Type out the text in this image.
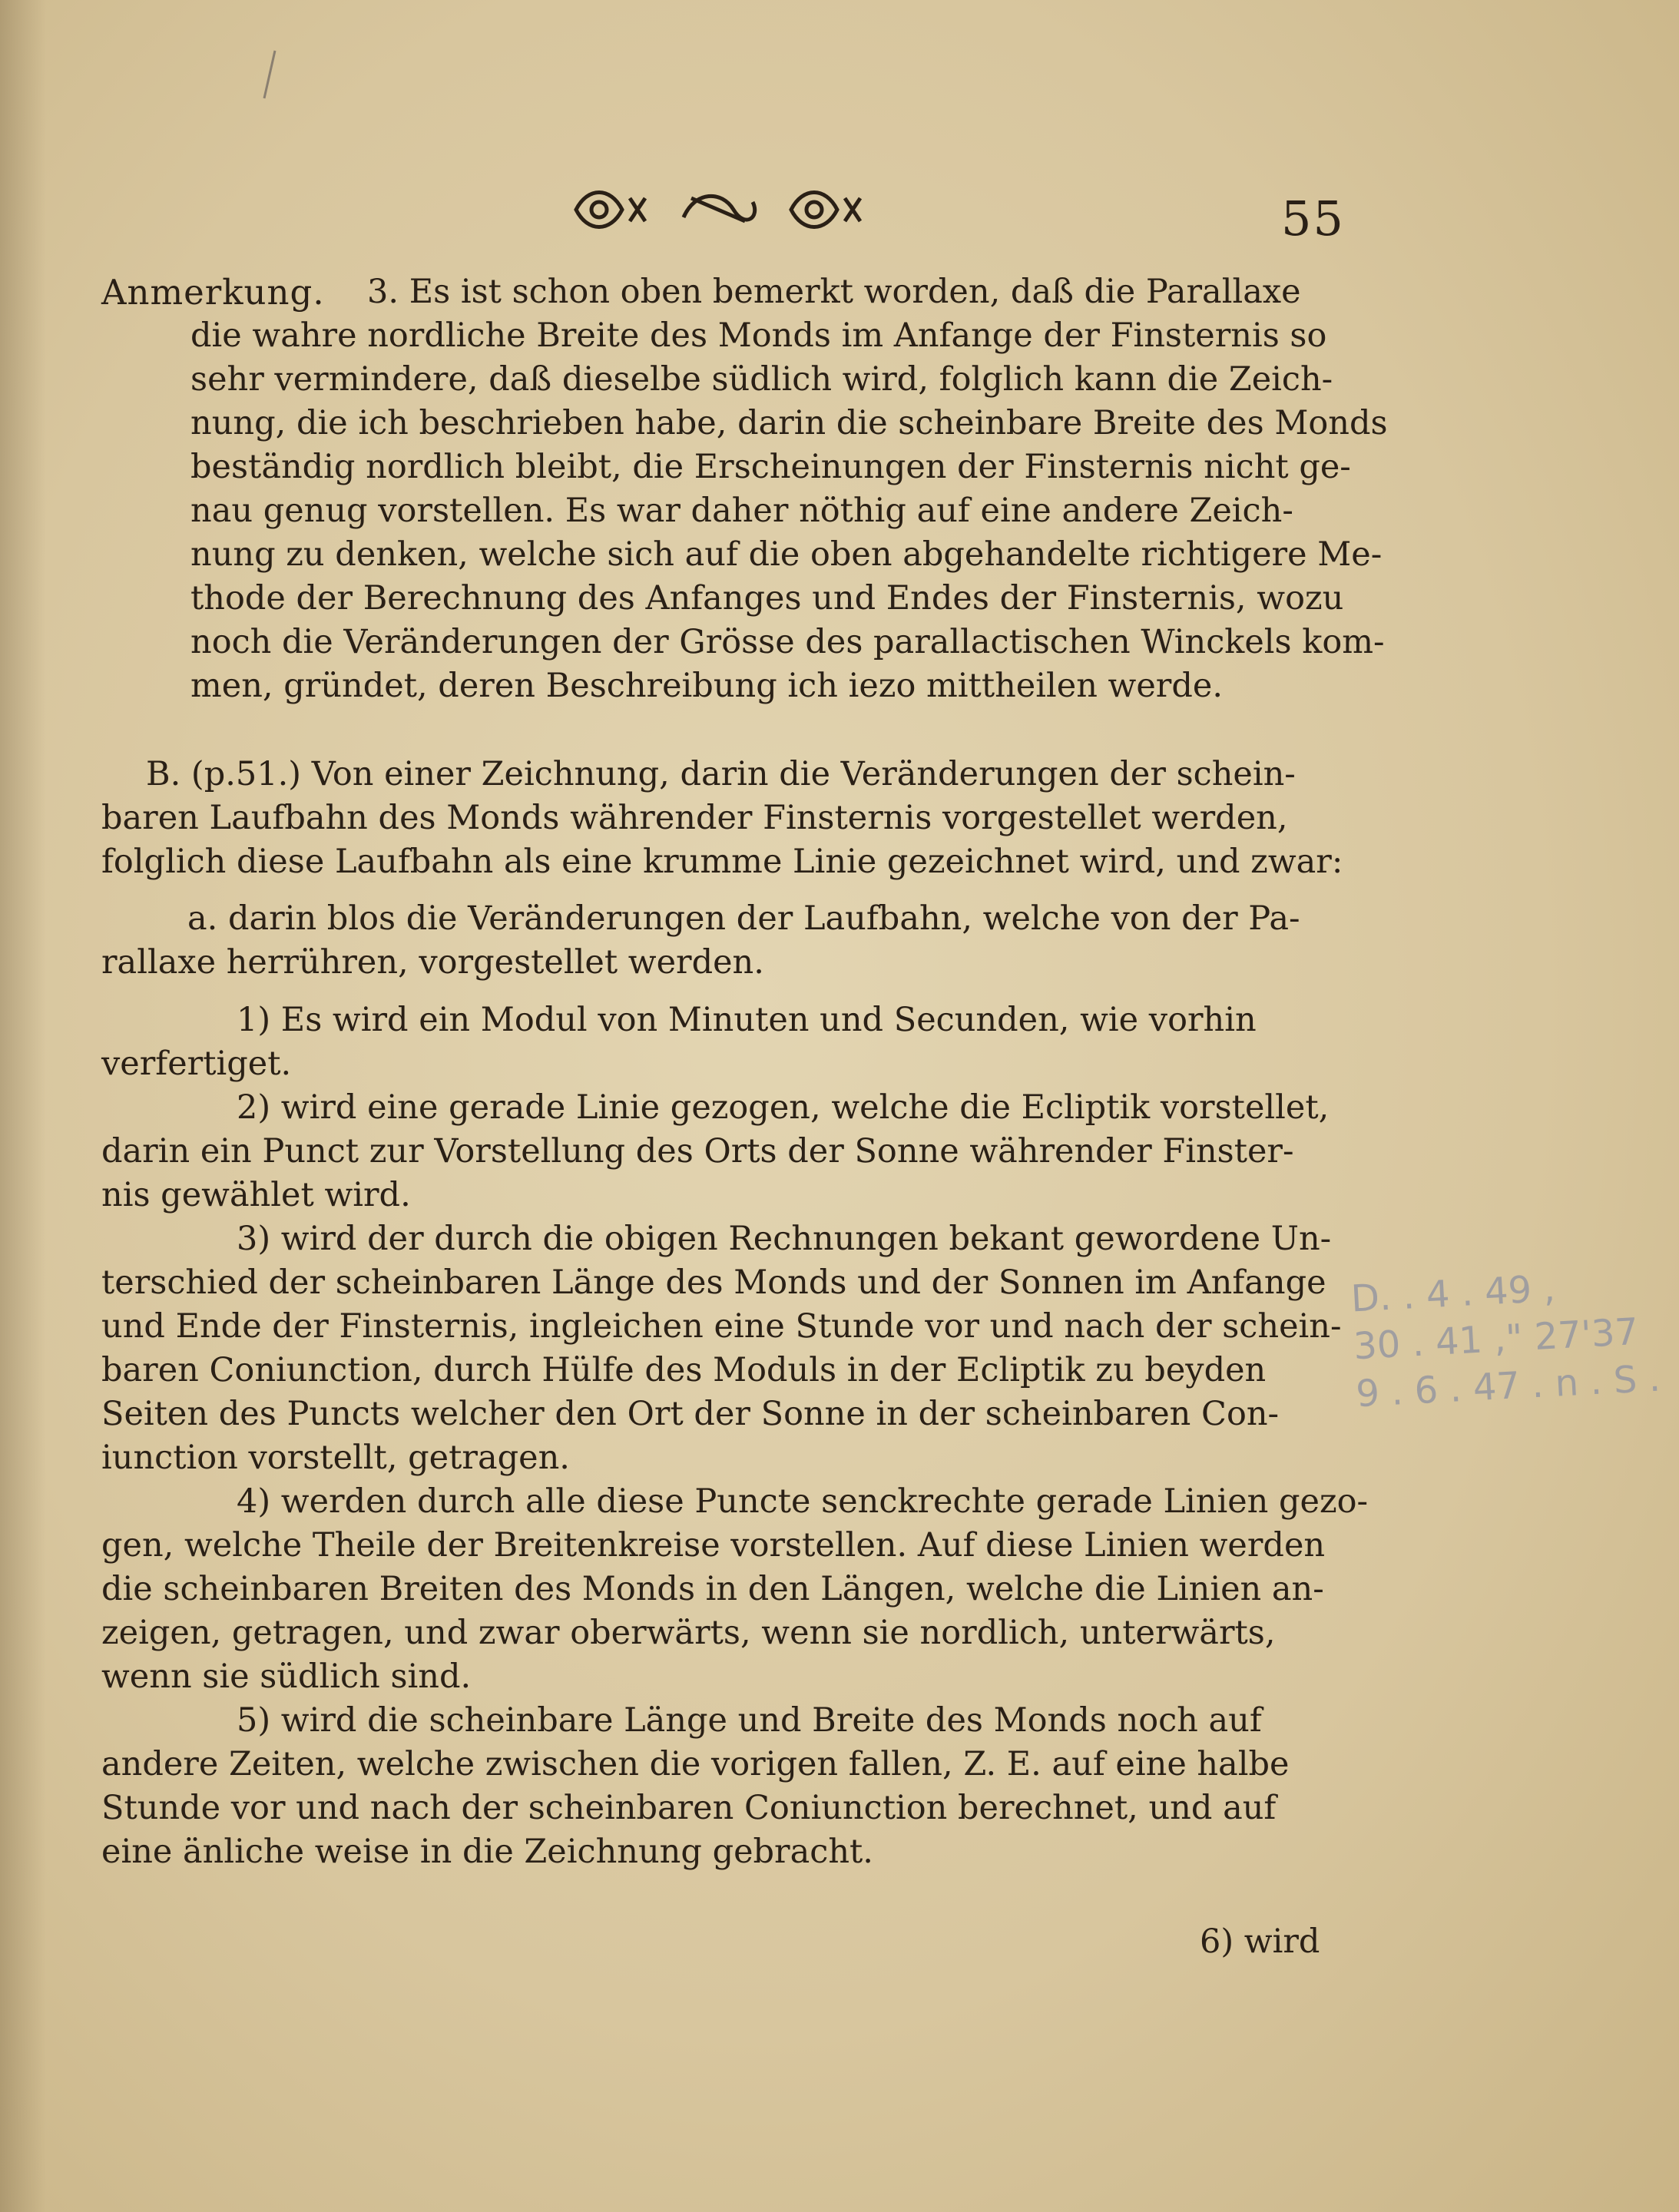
55
Anmerkung. 3. Es ist schon oben bemerkt worden, daß die Parallaxe
die wahre nordliche Breite des Monds im Anfange der Finsternis so
sehr vermindere, daß dieselbe südlich wird, folglich kann die Zeich-
nung, die ich beschrieben habe, darin die scheinbare Breite des Monds
beständig nordlich bleibt, die Erscheinungen der Finsternis nicht ge-
nau genug vorstellen. Es war daher nöthig auf eine andere Zeich-
nung zu denken, welche sich auf die oben abgehandelte richtigere Me-
thode der Berechnung des Anfanges und Endes der Finsternis, wozu
noch die Veränderungen der Grösse des parallactischen Winckels kom-
men, gründet, deren Beschreibung ich iezo mittheilen werde.
B. (p.51.) Von einer Zeichnung, darin die Veränderungen der schein-
baren Laufbahn des Monds währender Finsternis vorgestellet werden,
folglich diese Laufbahn als eine krumme Linie gezeichnet wird, und zwar:
a. darin blos die Veränderungen der Laufbahn, welche von der Pa-
rallaxe herrühren, vorgestellet werden.
1) Es wird ein Modul von Minuten und Secunden, wie vorhin
verfertiget.
2) wird eine gerade Linie gezogen, welche die Ecliptik vorstellet,
darin ein Punct zur Vorstellung des Orts der Sonne währender Finster-
nis gewählet wird.
3) wird der durch die obigen Rechnungen bekant gewordene Un-
terschied der scheinbaren Länge des Monds und der Sonnen im Anfange
und Ende der Finsternis, ingleichen eine Stunde vor und nach der schein-
baren Coniunction, durch Hülfe des Moduls in der Ecliptik zu beyden
Seiten des Puncts welcher den Ort der Sonne in der scheinbaren Con-
iunction vorstellt, getragen.
4) werden durch alle diese Puncte senckrechte gerade Linien gezo-
gen, welche Theile der Breitenkreise vorstellen. Auf diese Linien werden
die scheinbaren Breiten des Monds in den Längen, welche die Linien an-
zeigen, getragen, und zwar oberwärts, wenn sie nordlich, unterwärts,
wenn sie südlich sind.
5) wird die scheinbare Länge und Breite des Monds noch auf
andere Zeiten, welche zwischen die vorigen fallen, Z. E. auf eine halbe
Stunde vor und nach der scheinbaren Coniunction berechnet, und auf
eine änliche weise in die Zeichnung gebracht.
6) wird
D. . 4 . 49 ,
30 . 41 ," 27'37
9 . 6 . 47 . n . S .
